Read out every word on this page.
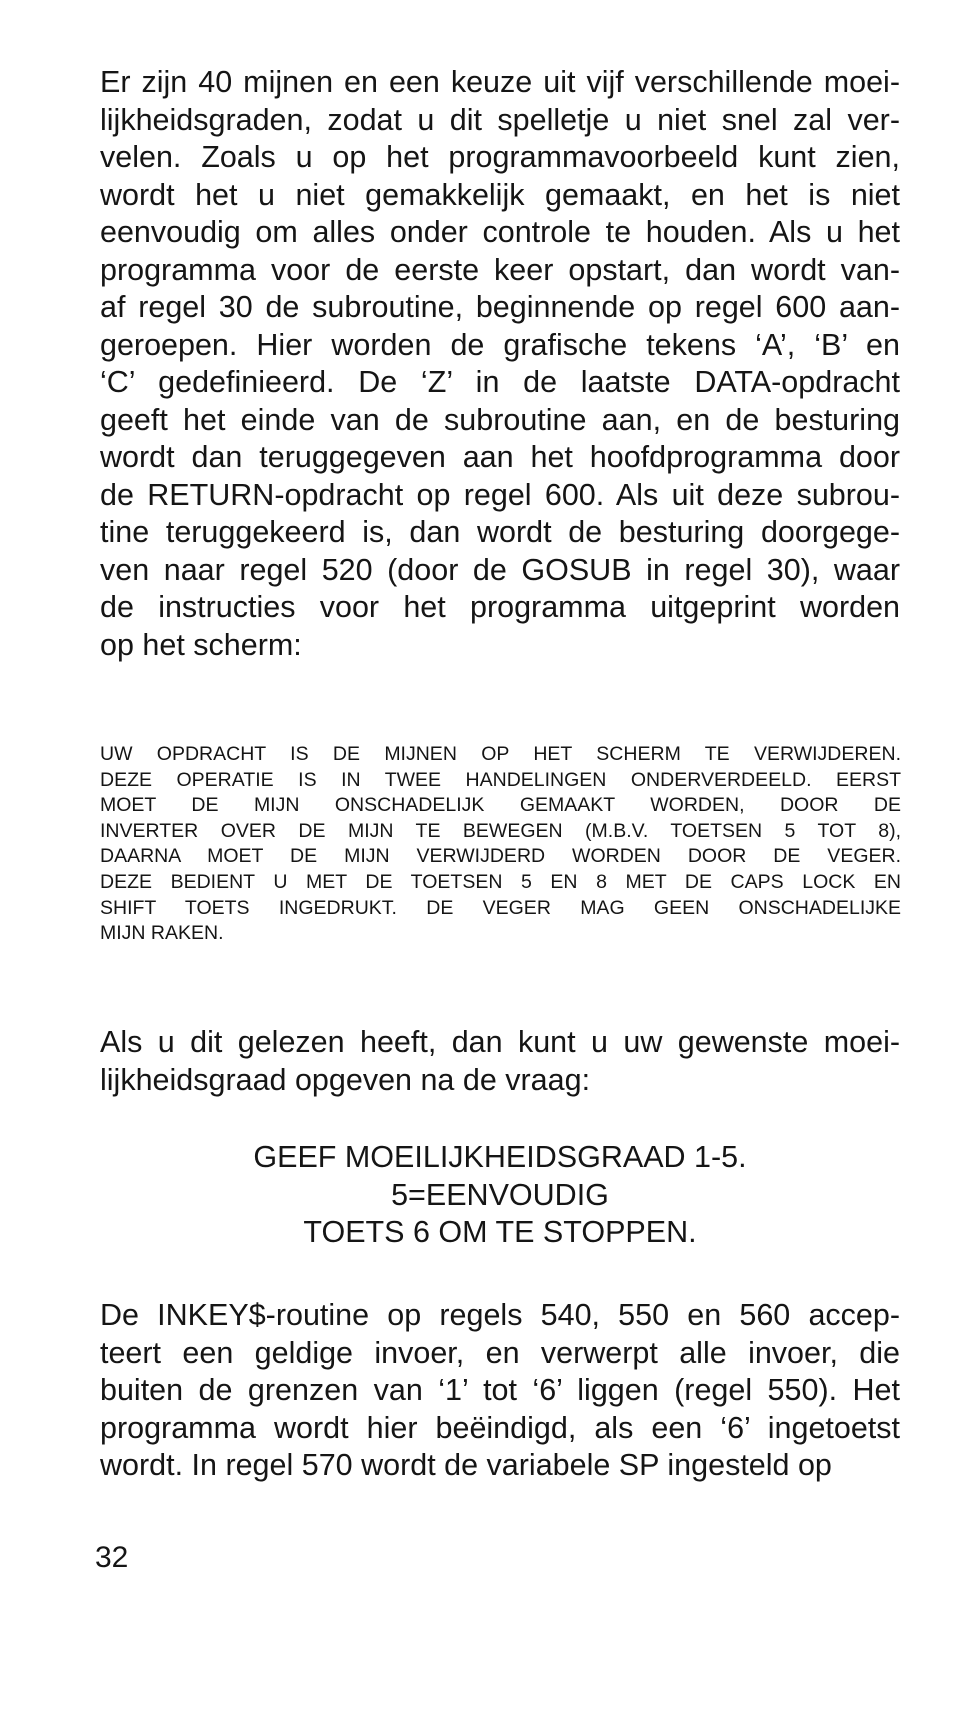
Er zijn 40 mijnen en een keuze uit vijf verschillende moei-
lijkheidsgraden, zodat u dit spelletje u niet snel zal ver-
velen. Zoals u op het programmavoorbeeld kunt zien,
wordt het u niet gemakkelijk gemaakt, en het is niet
eenvoudig om alles onder controle te houden. Als u het
programma voor de eerste keer opstart, dan wordt van-
af regel 30 de subroutine, beginnende op regel 600 aan-
geroepen. Hier worden de grafische tekens ‘A’, ‘B’ en
‘C’ gedefinieerd. De ‘Z’ in de laatste DATA-opdracht
geeft het einde van de subroutine aan, en de besturing
wordt dan teruggegeven aan het hoofdprogramma door
de RETURN-opdracht op regel 600. Als uit deze subrou-
tine teruggekeerd is, dan wordt de besturing doorgege-
ven naar regel 520 (door de GOSUB in regel 30), waar
de instructies voor het programma uitgeprint worden
op het scherm:
UW OPDRACHT IS DE MIJNEN OP HET SCHERM TE VERWIJDEREN.
DEZE OPERATIE IS IN TWEE HANDELINGEN ONDERVERDEELD. EERST
MOET DE MIJN ONSCHADELIJK GEMAAKT WORDEN, DOOR DE
INVERTER OVER DE MIJN TE BEWEGEN (M.B.V. TOETSEN 5 TOT 8),
DAARNA MOET DE MIJN VERWIJDERD WORDEN DOOR DE VEGER.
DEZE BEDIENT U MET DE TOETSEN 5 EN 8 MET DE CAPS LOCK EN
SHIFT TOETS INGEDRUKT. DE VEGER MAG GEEN ONSCHADELIJKE
MIJN RAKEN.
Als u dit gelezen heeft, dan kunt u uw gewenste moei-
lijkheidsgraad opgeven na de vraag:
GEEF MOEILIJKHEIDSGRAAD 1-5.
5=EENVOUDIG
TOETS 6 OM TE STOPPEN.
De INKEY$-routine op regels 540, 550 en 560 accep-
teert een geldige invoer, en verwerpt alle invoer, die
buiten de grenzen van ‘1’ tot ‘6’ liggen (regel 550). Het
programma wordt hier beëindigd, als een ‘6’ ingetoetst
wordt. In regel 570 wordt de variabele SP ingesteld op
32
